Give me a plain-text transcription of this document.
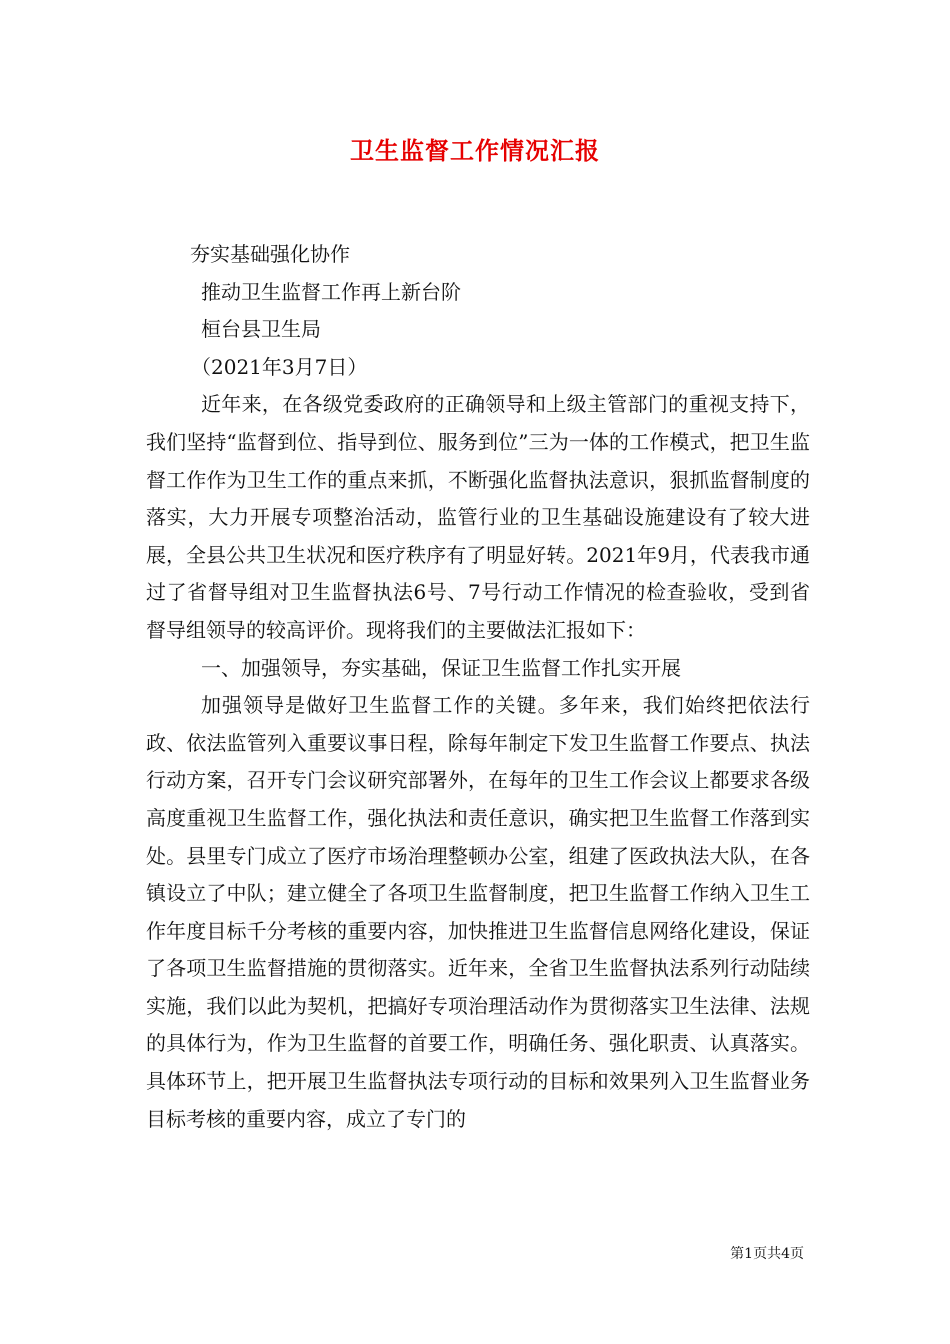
卫生监督工作情况汇报
夯实基础强化协作
推动卫生监督工作再上新台阶
桓台县卫生局
（2021年3月7日）
近年来，在各级党委政府的正确领导和上级主管部门的重视支持下，我们坚持“监督到位、指导到位、服务到位”三为一体的工作模式，把卫生监督工作作为卫生工作的重点来抓，不断强化监督执法意识，狠抓监督制度的落实，大力开展专项整治活动，监管行业的卫生基础设施建设有了较大进展，全县公共卫生状况和医疗秩序有了明显好转。2021年9月，代表我市通过了省督导组对卫生监督执法6号、7号行动工作情况的检查验收，受到省督导组领导的较高评价。现将我们的主要做法汇报如下：
一、加强领导，夯实基础，保证卫生监督工作扎实开展
加强领导是做好卫生监督工作的关键。多年来，我们始终把依法行政、依法监管列入重要议事日程，除每年制定下发卫生监督工作要点、执法行动方案，召开专门会议研究部署外，在每年的卫生工作会议上都要求各级高度重视卫生监督工作，强化执法和责任意识，确实把卫生监督工作落到实处。县里专门成立了医疗市场治理整顿办公室，组建了医政执法大队，在各镇设立了中队；建立健全了各项卫生监督制度，把卫生监督工作纳入卫生工作年度目标千分考核的重要内容，加快推进卫生监督信息网络化建设，保证了各项卫生监督措施的贯彻落实。近年来，全省卫生监督执法系列行动陆续实施，我们以此为契机，把搞好专项治理活动作为贯彻落实卫生法律、法规的具体行为，作为卫生监督的首要工作，明确任务、强化职责、认真落实。具体环节上，把开展卫生监督执法专项行动的目标和效果列入卫生监督业务目标考核的重要内容，成立了专门的
第1页共4页
